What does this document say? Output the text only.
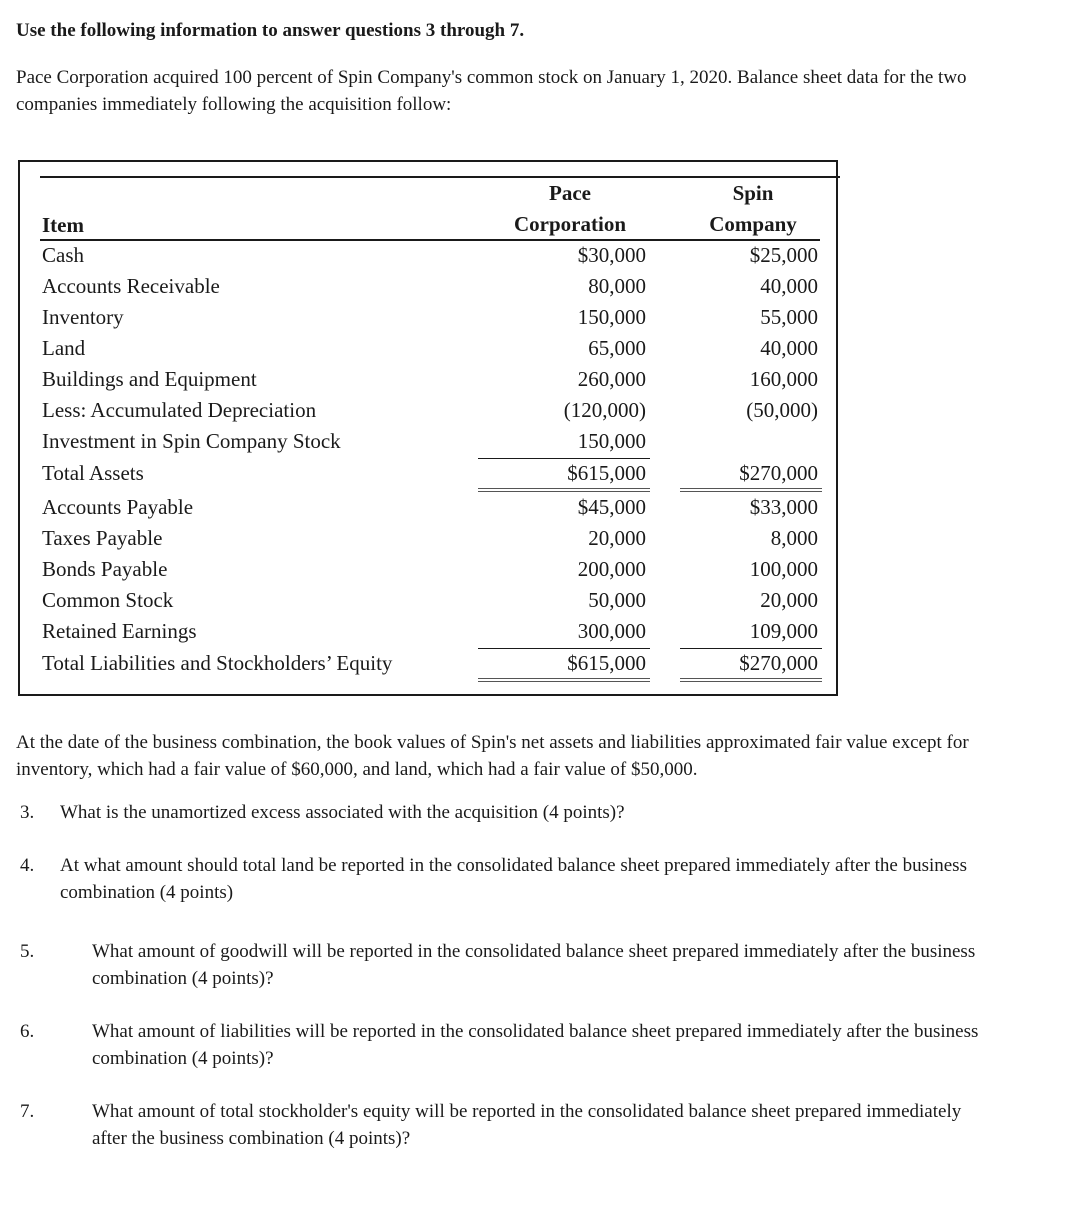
Use the following information to answer questions 3 through 7.
Pace Corporation acquired 100 percent of Spin Company's common stock on January 1, 2020. Balance sheet data for the two companies immediately following the acquisition follow:
Item
Pace
Corporation
Spin
Company
Cash	$30,000	$25,000
Accounts Receivable	80,000	40,000
Inventory	150,000	55,000
Land	65,000	40,000
Buildings and Equipment	260,000	160,000
Less: Accumulated Depreciation	(120,000)	(50,000)
Investment in Spin Company Stock	150,000
Total Assets	$615,000	$270,000
Accounts Payable	$45,000	$33,000
Taxes Payable	20,000	8,000
Bonds Payable	200,000	100,000
Common Stock	50,000	20,000
Retained Earnings	300,000	109,000
Total Liabilities and Stockholders’ Equity	$615,000	$270,000
At the date of the business combination, the book values of Spin's net assets and liabilities approximated fair value except for inventory, which had a fair value of $60,000, and land, which had a fair value of $50,000.
3. What is the unamortized excess associated with the acquisition (4 points)?
4. At what amount should total land be reported in the consolidated balance sheet prepared immediately after the business combination (4 points)
5.	What amount of goodwill will be reported in the consolidated balance sheet prepared immediately after the business combination (4 points)?
6.	What amount of liabilities will be reported in the consolidated balance sheet prepared immediately after the business combination (4 points)?
7.	What amount of total stockholder's equity will be reported in the consolidated balance sheet prepared immediately after the business combination (4 points)?
